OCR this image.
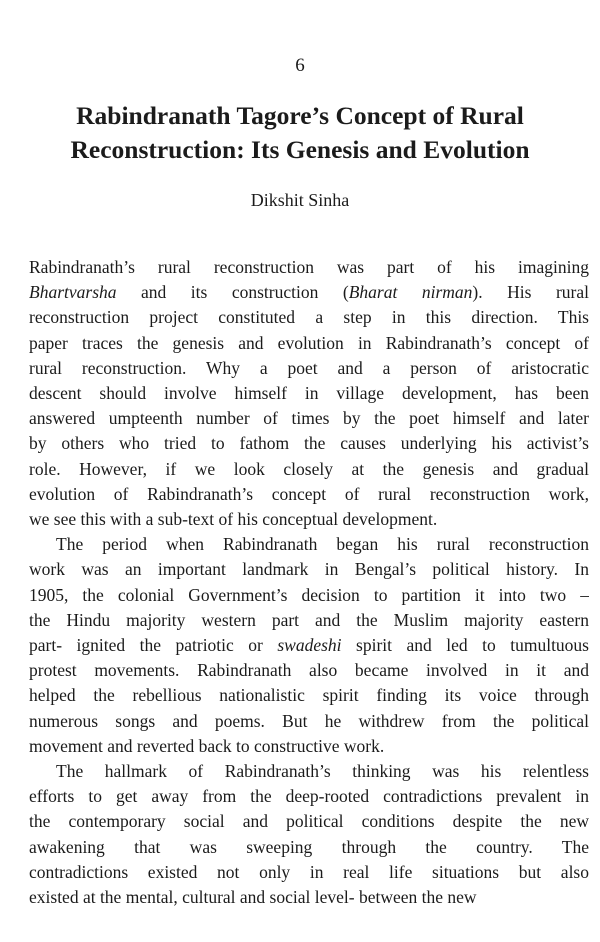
6
Rabindranath Tagore’s Concept of Rural
Reconstruction: Its Genesis and Evolution
Dikshit Sinha

Rabindranath’s rural reconstruction was part of his imagining
Bhartvarsha and its construction (Bharat nirman). His rural
reconstruction project constituted a step in this direction. This
paper traces the genesis and evolution in Rabindranath’s concept of
rural reconstruction. Why a poet and a person of aristocratic
descent should involve himself in village development, has been
answered umpteenth number of times by the poet himself and later
by others who tried to fathom the causes underlying his activist’s
role. However, if we look closely at the genesis and gradual
evolution of Rabindranath’s concept of rural reconstruction work,
we see this with a sub-text of his conceptual development.

The period when Rabindranath began his rural reconstruction
work was an important landmark in Bengal’s political history. In
1905, the colonial Government’s decision to partition it into two –
the Hindu majority western part and the Muslim majority eastern
part- ignited the patriotic or swadeshi spirit and led to tumultuous
protest movements. Rabindranath also became involved in it and
helped the rebellious nationalistic spirit finding its voice through
numerous songs and poems. But he withdrew from the political
movement and reverted back to constructive work.

The hallmark of Rabindranath’s thinking was his relentless
efforts to get away from the deep-rooted contradictions prevalent in
the contemporary social and political conditions despite the new
awakening that was sweeping through the country. The
contradictions existed not only in real life situations but also
existed at the mental, cultural and social level- between the new
